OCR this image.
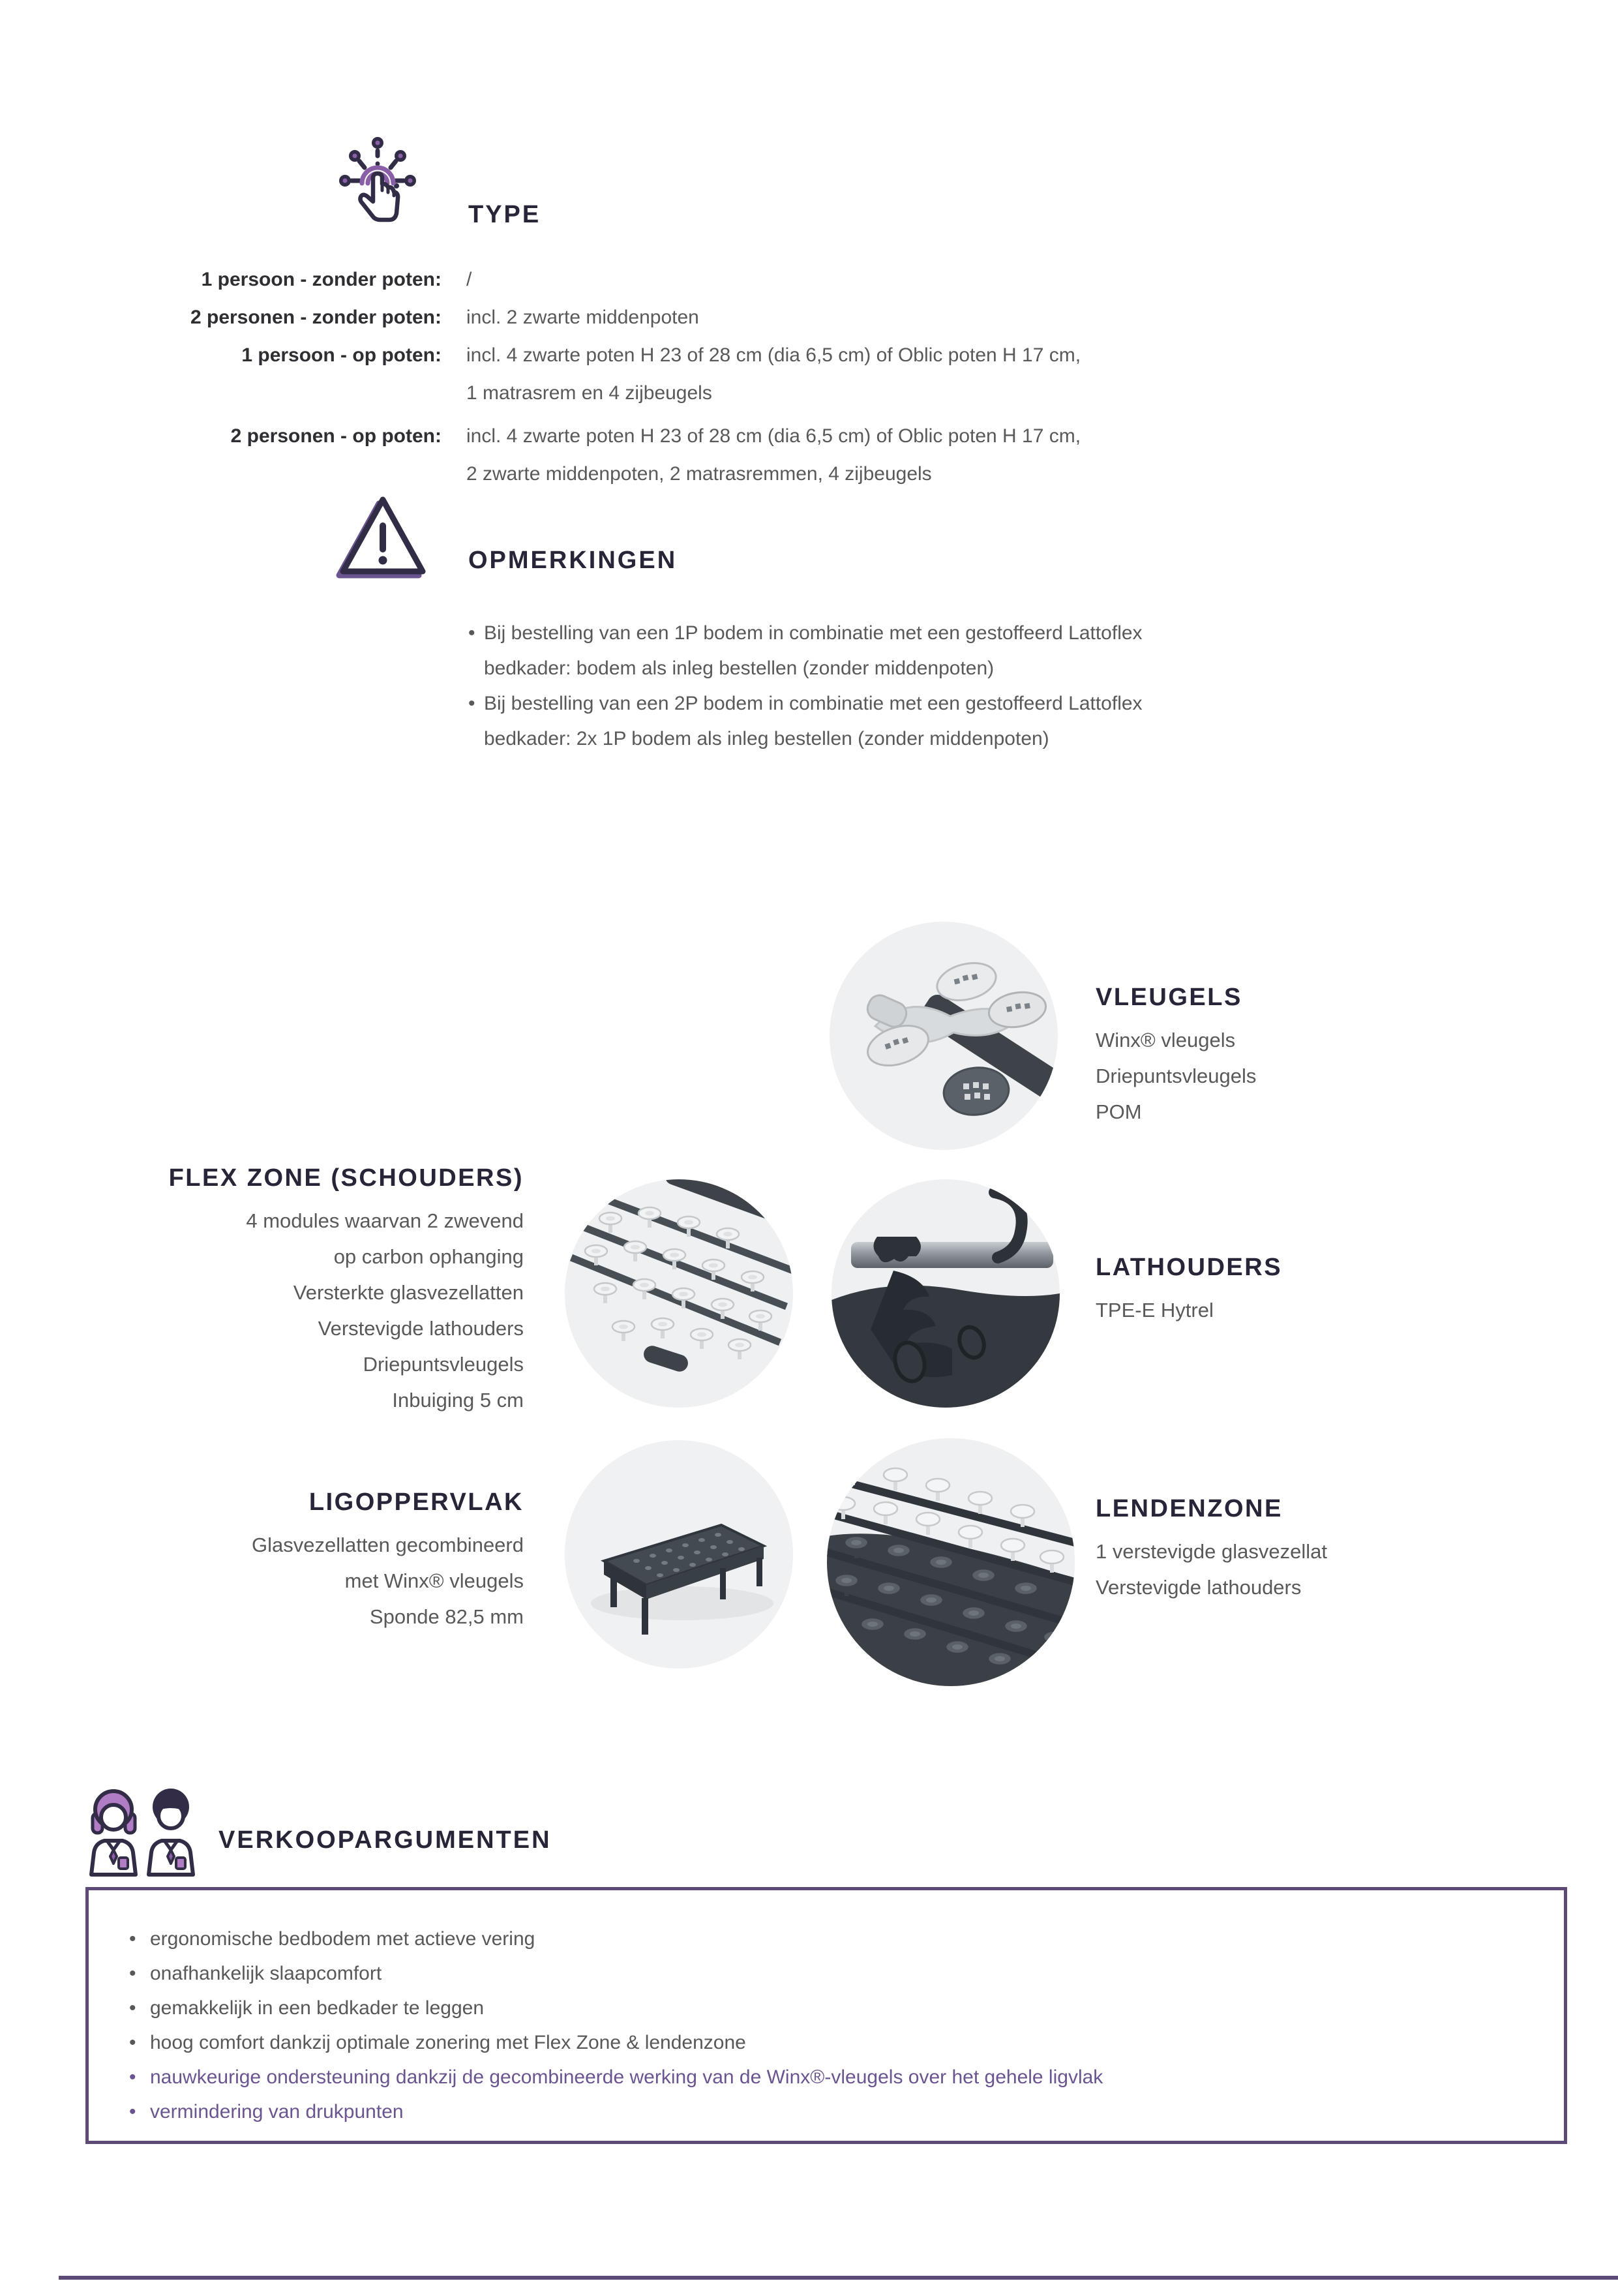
TYPE
1 persoon - zonder poten: /
2 personen - zonder poten: incl. 2 zwarte middenpoten
1 persoon - op poten: incl. 4 zwarte poten H 23 of 28 cm (dia 6,5 cm) of Oblic poten H 17 cm,
1 matrasrem en 4 zijbeugels
2 personen - op poten: incl. 4 zwarte poten H 23 of 28 cm (dia 6,5 cm) of Oblic poten H 17 cm,
2 zwarte middenpoten, 2 matrasremmen, 4 zijbeugels
OPMERKINGEN
• Bij bestelling van een 1P bodem in combinatie met een gestoffeerd Lattoflex
bedkader: bodem als inleg bestellen (zonder middenpoten)
• Bij bestelling van een 2P bodem in combinatie met een gestoffeerd Lattoflex
bedkader: 2x 1P bodem als inleg bestellen (zonder middenpoten)
VLEUGELS
Winx® vleugels
Driepuntsvleugels
POM
FLEX ZONE (SCHOUDERS)
4 modules waarvan 2 zwevend
op carbon ophanging
Versterkte glasvezellatten
Verstevigde lathouders
Driepuntsvleugels
Inbuiging 5 cm
LATHOUDERS
TPE-E Hytrel
LIGOPPERVLAK
Glasvezellatten gecombineerd
met Winx® vleugels
Sponde 82,5 mm
LENDENZONE
1 verstevigde glasvezellat
Verstevigde lathouders
VERKOOPARGUMENTEN
• ergonomische bedbodem met actieve vering
• onafhankelijk slaapcomfort
• gemakkelijk in een bedkader te leggen
• hoog comfort dankzij optimale zonering met Flex Zone & lendenzone
• nauwkeurige ondersteuning dankzij de gecombineerde werking van de Winx®-vleugels over het gehele ligvlak
• vermindering van drukpunten
